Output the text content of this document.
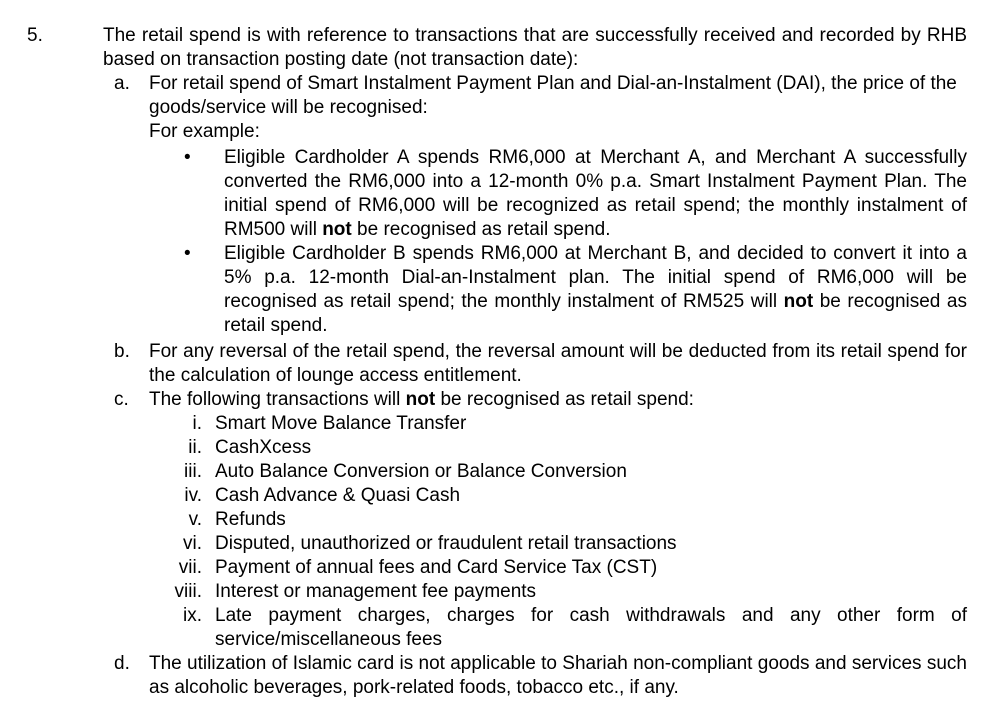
5.	The retail spend is with reference to transactions that are successfully received and recorded by RHB based on transaction posting date (not transaction date):
a. For retail spend of Smart Instalment Payment Plan and Dial-an-Instalment (DAI), the price of the goods/service will be recognised:
For example:
• Eligible Cardholder A spends RM6,000 at Merchant A, and Merchant A successfully converted the RM6,000 into a 12-month 0% p.a. Smart Instalment Payment Plan. The initial spend of RM6,000 will be recognized as retail spend; the monthly instalment of RM500 will not be recognised as retail spend.
• Eligible Cardholder B spends RM6,000 at Merchant B, and decided to convert it into a 5% p.a. 12-month Dial-an-Instalment plan. The initial spend of RM6,000 will be recognised as retail spend; the monthly instalment of RM525 will not be recognised as retail spend.
b. For any reversal of the retail spend, the reversal amount will be deducted from its retail spend for the calculation of lounge access entitlement.
c. The following transactions will not be recognised as retail spend:
i. Smart Move Balance Transfer
ii. CashXcess
iii. Auto Balance Conversion or Balance Conversion
iv. Cash Advance & Quasi Cash
v. Refunds
vi. Disputed, unauthorized or fraudulent retail transactions
vii. Payment of annual fees and Card Service Tax (CST)
viii. Interest or management fee payments
ix. Late payment charges, charges for cash withdrawals and any other form of service/miscellaneous fees
d. The utilization of Islamic card is not applicable to Shariah non-compliant goods and services such as alcoholic beverages, pork-related foods, tobacco etc., if any.
